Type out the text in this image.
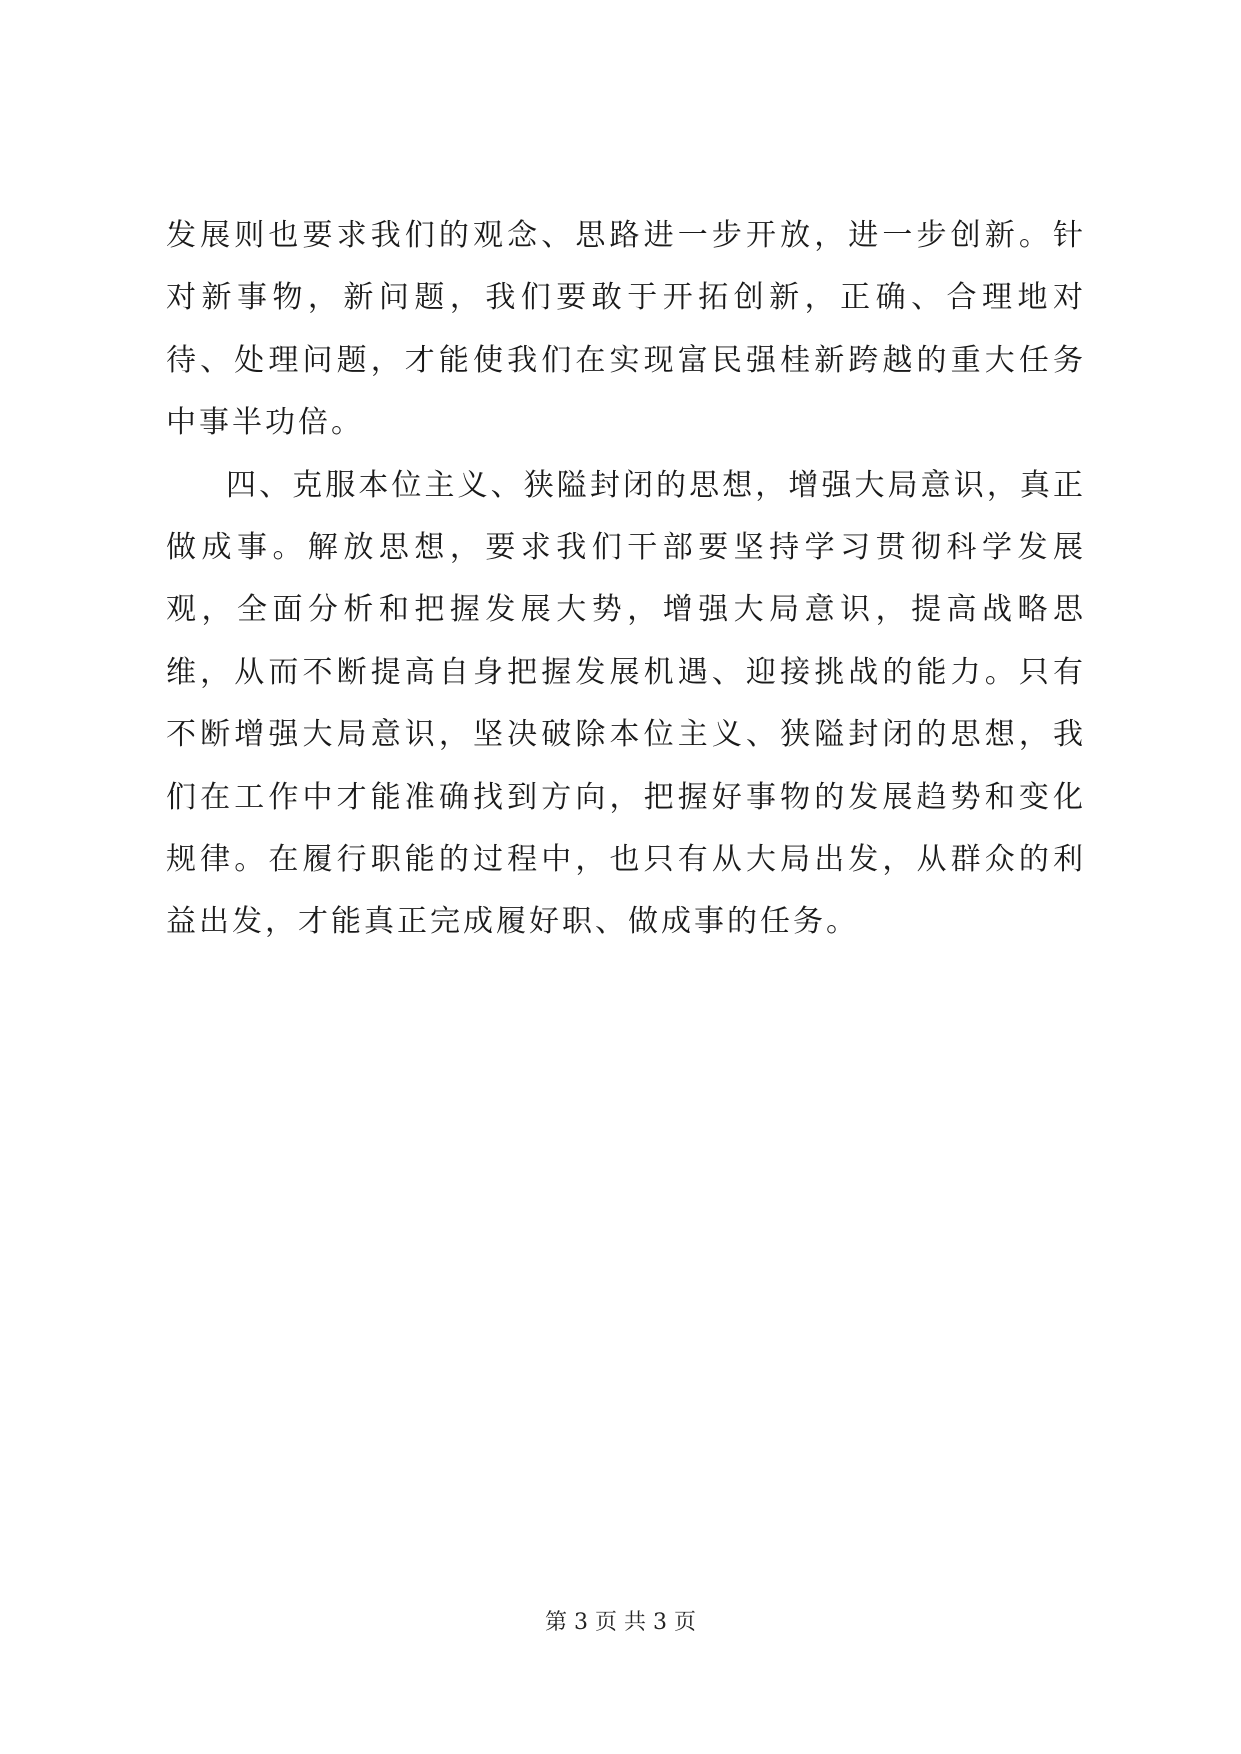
发展则也要求我们的观念、思路进一步开放，进一步创新。针对新事物，新问题，我们要敢于开拓创新，正确、合理地对待、处理问题，才能使我们在实现富民强桂新跨越的重大任务中事半功倍。

四、克服本位主义、狭隘封闭的思想，增强大局意识，真正做成事。解放思想，要求我们干部要坚持学习贯彻科学发展观，全面分析和把握发展大势，增强大局意识，提高战略思维，从而不断提高自身把握发展机遇、迎接挑战的能力。只有不断增强大局意识，坚决破除本位主义、狭隘封闭的思想，我们在工作中才能准确找到方向，把握好事物的发展趋势和变化规律。在履行职能的过程中，也只有从大局出发，从群众的利益出发，才能真正完成履好职、做成事的任务。

第 3 页 共 3 页
